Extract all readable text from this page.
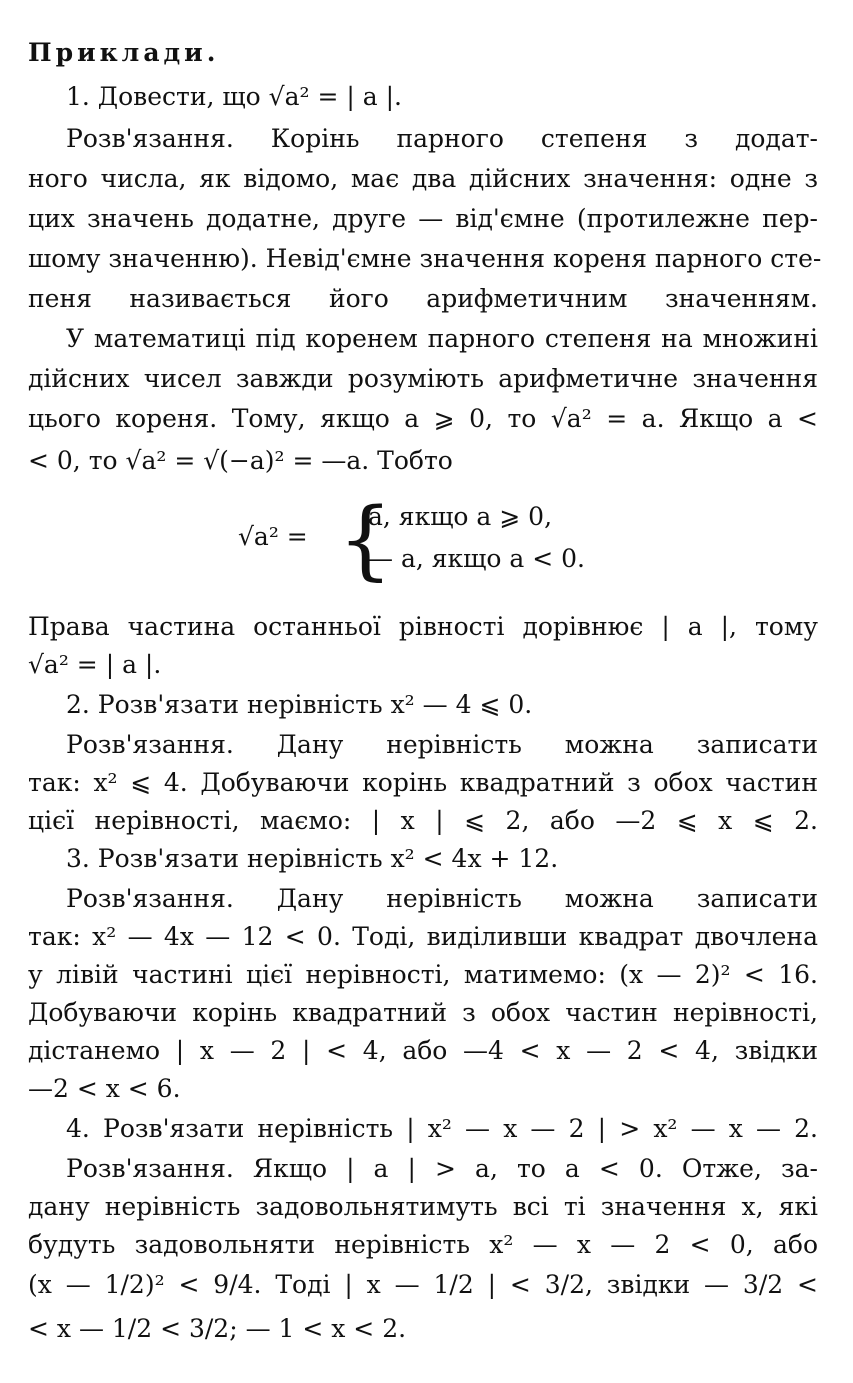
Приклади.
1. Довести, що √a² = | a |.
Розв'язання. Корінь парного степеня з додат-
ного числа, як відомо, має два дійсних значення: одне з
цих значень додатне, друге — від'ємне (протилежне пер-
шому значенню). Невід'ємне значення кореня парного сте-
пеня називається його арифметичним значенням.
У математиці під коренем парного степеня на множині
дійсних чисел завжди розуміють арифметичне значення
цього кореня. Тому, якщо a ⩾ 0, то √a² = a. Якщо a <
< 0, то √a² = √(−a)² = —a. Тобто
√a² = {
a, якщо a ⩾ 0,
— a, якщо a < 0.
Права частина останньої рівності дорівнює | a |, тому
√a² = | a |.
2. Розв'язати нерівність x² — 4 ⩽ 0.
Розв'язання. Дану нерівність можна записати
так: x² ⩽ 4. Добуваючи корінь квадратний з обох частин
цієї нерівності, маємо: | x | ⩽ 2, або —2 ⩽ x ⩽ 2.
3. Розв'язати нерівність x² < 4x + 12.
Розв'язання. Дану нерівність можна записати
так: x² — 4x — 12 < 0. Тоді, виділивши квадрат двочлена
у лівій частині цієї нерівності, матимемо: (x — 2)² < 16.
Добуваючи корінь квадратний з обох частин нерівності,
дістанемо | x — 2 | < 4, або —4 < x — 2 < 4, звідки
—2 < x < 6.
4. Розв'язати нерівність | x² — x — 2 | > x² — x — 2.
Розв'язання. Якщо | a | > a, то a < 0. Отже, за-
дану нерівність задовольнятимуть всі ті значення x, які
будуть задовольняти нерівність x² — x — 2 < 0, або
(x — 1/2)² < 9/4. Тоді | x — 1/2 | < 3/2, звідки — 3/2 <
< x — 1/2 < 3/2; — 1 < x < 2.
